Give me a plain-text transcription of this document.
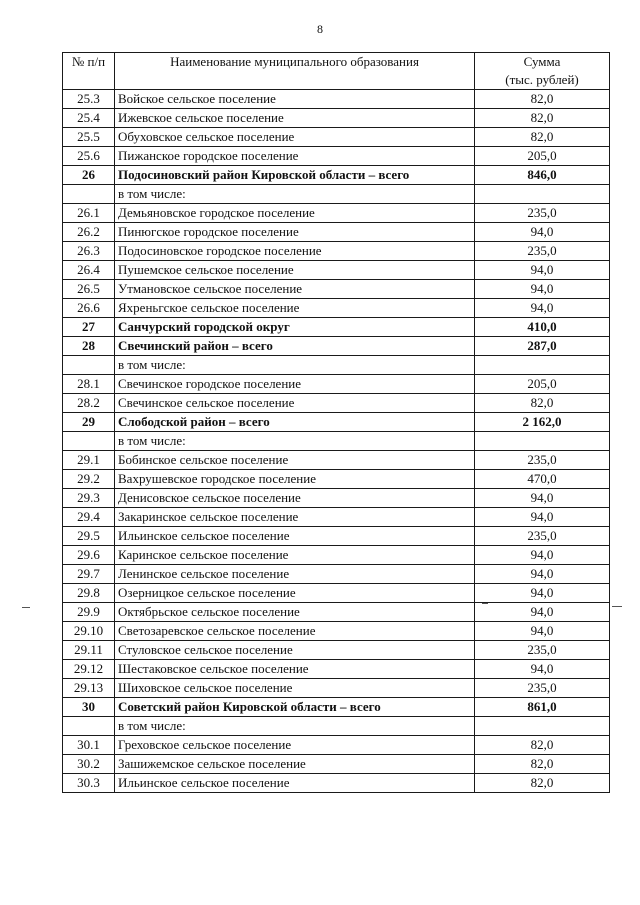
8
№ п/п	Наименование муниципального образования	Сумма
(тыс. рублей)

25.3	Войское сельское поселение	82,0
25.4	Ижевское сельское поселение	82,0
25.5	Обуховское сельское поселение	82,0
25.6	Пижанское городское поселение	205,0
26	Подосиновский район Кировской области – всего	846,0
	в том числе:	
26.1	Демьяновское городское поселение	235,0
26.2	Пинюгское городское поселение	94,0
26.3	Подосиновское городское поселение	235,0
26.4	Пушемское сельское поселение	94,0
26.5	Утмановское сельское поселение	94,0
26.6	Яхреньгское сельское поселение	94,0
27	Санчурский городской округ	410,0
28	Свечинский район – всего	287,0
	в том числе:	
28.1	Свечинское городское поселение	205,0
28.2	Свечинское сельское поселение	82,0
29	Слободской район – всего	2 162,0
	в том числе:	
29.1	Бобинское сельское поселение	235,0
29.2	Вахрушевское городское поселение	470,0
29.3	Денисовское сельское поселение	94,0
29.4	Закаринское сельское поселение	94,0
29.5	Ильинское сельское поселение	235,0
29.6	Каринское сельское поселение	94,0
29.7	Ленинское сельское поселение	94,0
29.8	Озерницкое сельское поселение	94,0
29.9	Октябрьское сельское поселение	94,0
29.10	Светозаревское сельское поселение	94,0
29.11	Стуловское сельское поселение	235,0
29.12	Шестаковское сельское поселение	94,0
29.13	Шиховское сельское поселение	235,0
30	Советский район Кировской области – всего	861,0
	в том числе:	
30.1	Греховское сельское поселение	82,0
30.2	Зашижемское сельское поселение	82,0
30.3	Ильинское сельское поселение	82,0
